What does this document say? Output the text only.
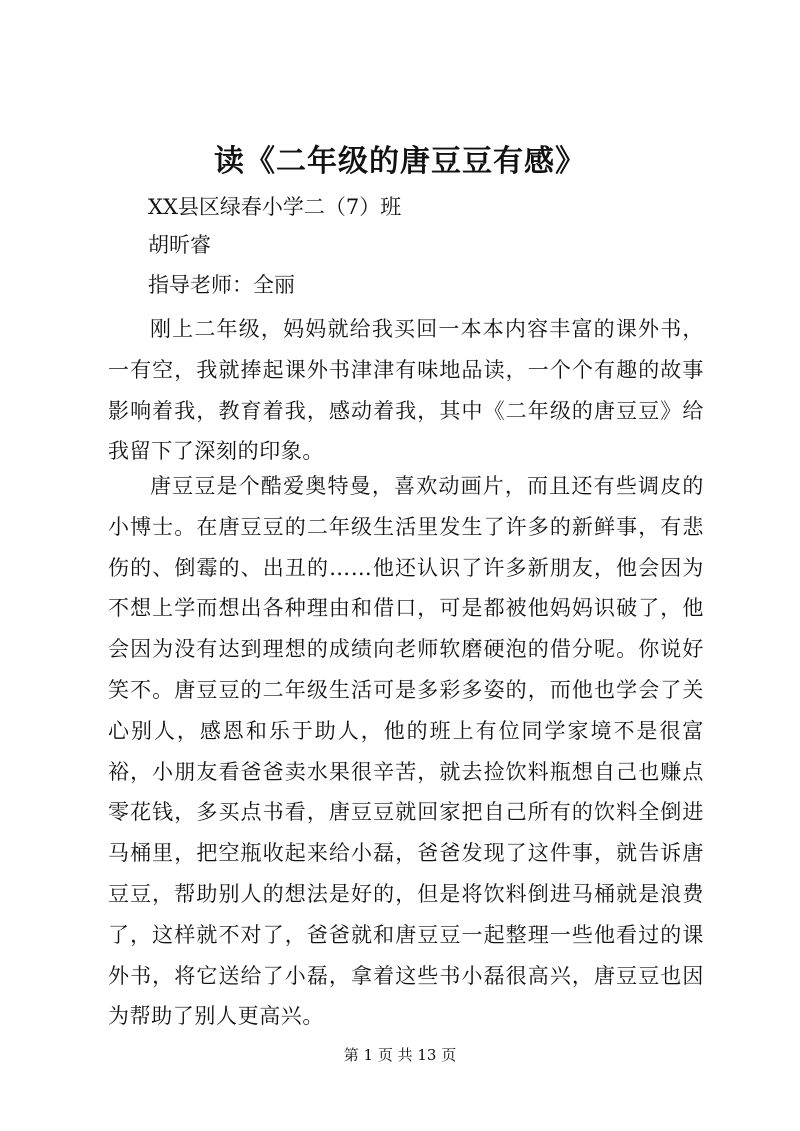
读《二年级的唐豆豆有感》

XX县区绿春小学二（7）班

胡昕睿

指导老师：全丽

刚上二年级，妈妈就给我买回一本本内容丰富的课外书，一有空，我就捧起课外书津津有味地品读，一个个有趣的故事影响着我，教育着我，感动着我，其中《二年级的唐豆豆》给我留下了深刻的印象。

唐豆豆是个酷爱奥特曼，喜欢动画片，而且还有些调皮的小博士。在唐豆豆的二年级生活里发生了许多的新鲜事，有悲伤的、倒霉的、出丑的……他还认识了许多新朋友，他会因为不想上学而想出各种理由和借口，可是都被他妈妈识破了，他会因为没有达到理想的成绩向老师软磨硬泡的借分呢。你说好笑不。唐豆豆的二年级生活可是多彩多姿的，而他也学会了关心别人，感恩和乐于助人，他的班上有位同学家境不是很富裕，小朋友看爸爸卖水果很辛苦，就去捡饮料瓶想自己也赚点零花钱，多买点书看，唐豆豆就回家把自己所有的饮料全倒进马桶里，把空瓶收起来给小磊，爸爸发现了这件事，就告诉唐豆豆，帮助别人的想法是好的，但是将饮料倒进马桶就是浪费了，这样就不对了，爸爸就和唐豆豆一起整理一些他看过的课外书，将它送给了小磊，拿着这些书小磊很高兴，唐豆豆也因为帮助了别人更高兴。

第 1 页 共 13 页
